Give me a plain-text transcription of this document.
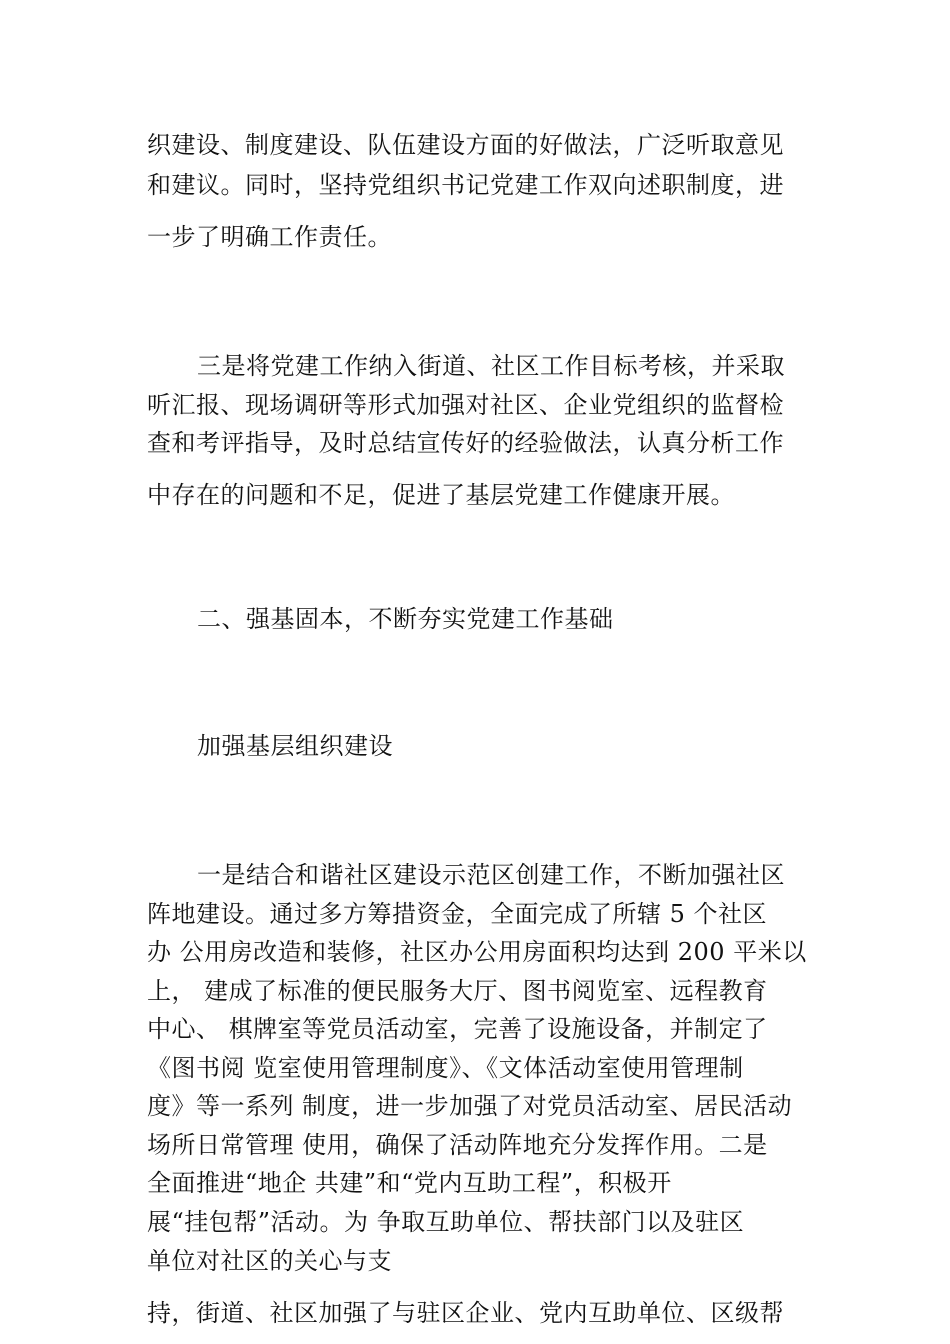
织建设、制度建设、队伍建设方面的好做法，广泛听取意见
和建议。同时，坚持党组织书记党建工作双向述职制度，进
一步了明确工作责任。
三是将党建工作纳入街道、社区工作目标考核，并采取
听汇报、现场调研等形式加强对社区、企业党组织的监督检
查和考评指导，及时总结宣传好的经验做法，认真分析工作
中存在的问题和不足，促进了基层党建工作健康开展。
二、强基固本，不断夯实党建工作基础
加强基层组织建设
一是结合和谐社区建设示范区创建工作，不断加强社区
阵地建设。通过多方筹措资金，全面完成了所辖 5 个社区
办 公用房改造和装修，社区办公用房面积均达到 200 平米以
上， 建成了标准的便民服务大厅、图书阅览室、远程教育
中心、 棋牌室等党员活动室，完善了设施设备，并制定了
《图书阅 览室使用管理制度》、《文体活动室使用管理制
度》等一系列 制度，进一步加强了对党员活动室、居民活动
场所日常管理 使用，确保了活动阵地充分发挥作用。二是
全面推进“地企 共建”和“党内互助工程”，积极开
展“挂包帮”活动。为 争取互助单位、帮扶部门以及驻区
单位对社区的关心与支
持，街道、社区加强了与驻区企业、党内互助单位、区级帮
